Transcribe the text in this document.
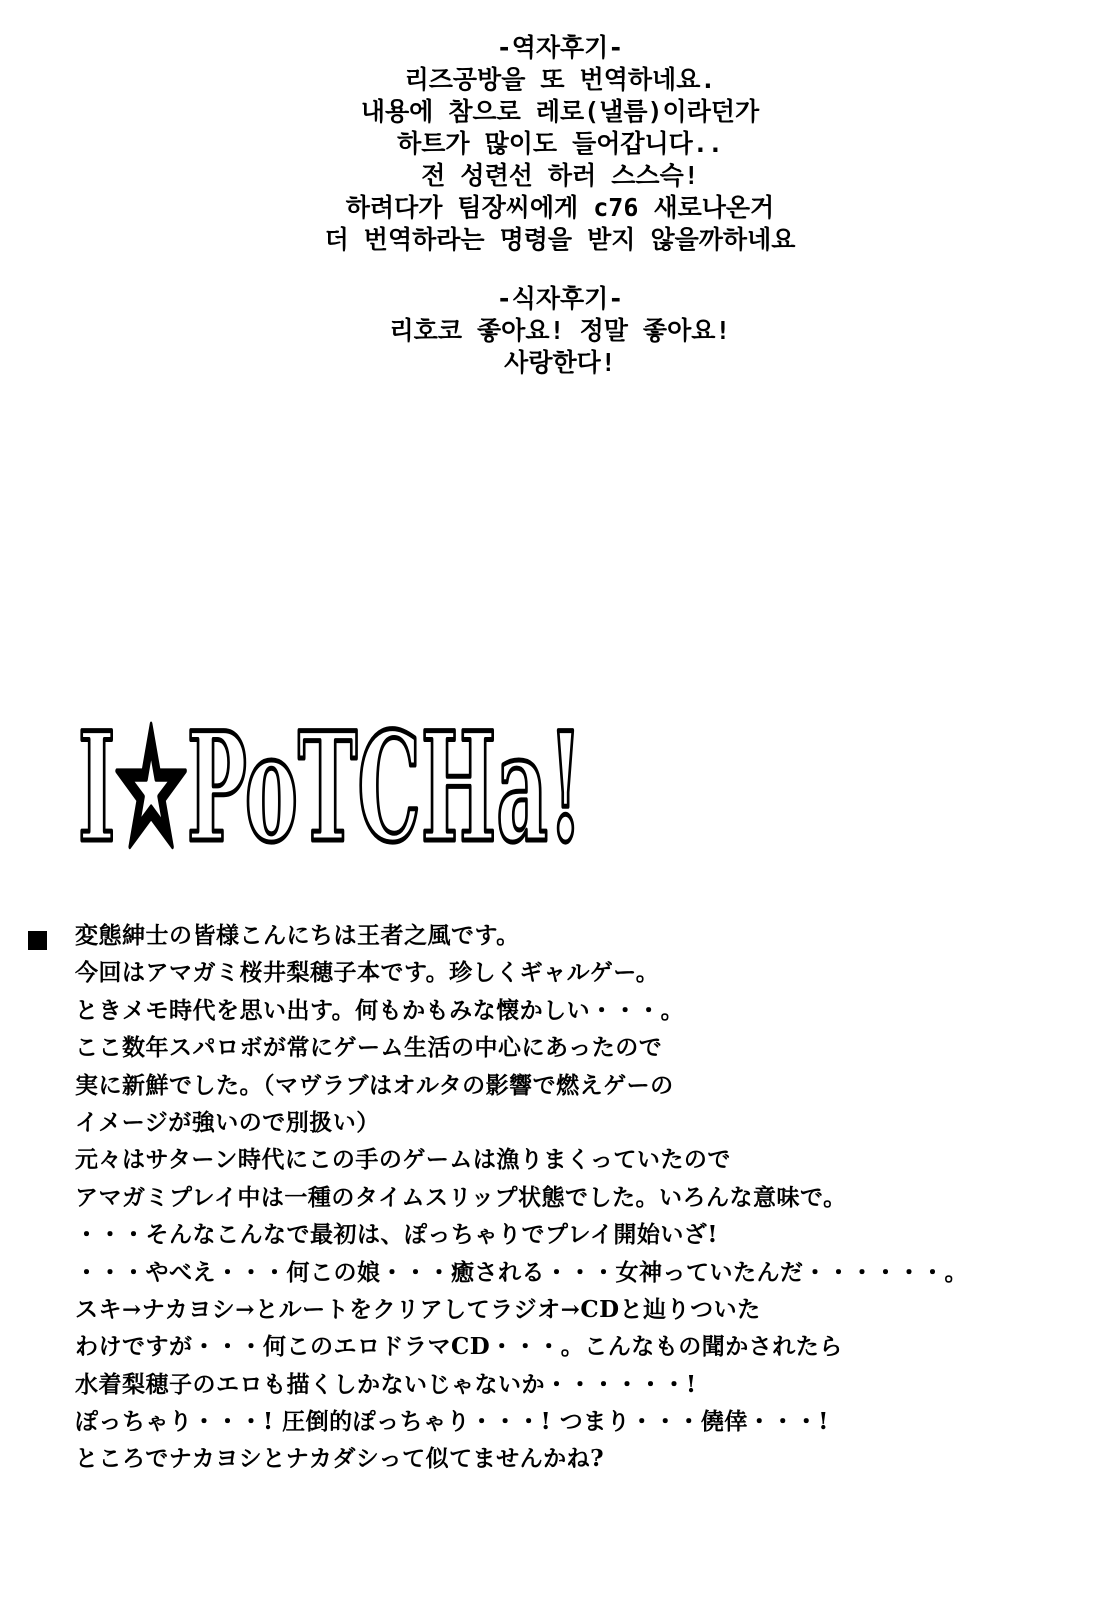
-역자후기-
리즈공방을 또 번역하네요.
내용에 참으로 레로(낼름)이라던가
하트가 많이도 들어갑니다..
전 성련선 하러 스스슥!
하려다가 팀장씨에게 c76 새로나온거
더 번역하라는 명령을 받지 않을까하네요
-식자후기-
리호코 좋아요! 정말 좋아요!
사랑한다!
I☆PoTCHa!
変態紳士の皆様こんにちは王者之風です。
今回はアマガミ桜井梨穂子本です。珍しくギャルゲー。
ときメモ時代を思い出す。何もかもみな懐かしい・・・。
ここ数年スパロボが常にゲーム生活の中心にあったので
実に新鮮でした。（マヴラブはオルタの影響で燃えゲーの
イメージが強いので別扱い）
元々はサターン時代にこの手のゲームは漁りまくっていたので
アマガミプレイ中は一種のタイムスリップ状態でした。いろんな意味で。
・・・そんなこんなで最初は、ぽっちゃりでプレイ開始いざ!
・・・やべえ・・・何この娘・・・癒される・・・女神っていたんだ・・・・・・。
スキ→ナカヨシ→とルートをクリアしてラジオ→CDと辿りついた
わけですが・・・何このエロドラマCD・・・。こんなもの聞かされたら
水着梨穂子のエロも描くしかないじゃないか・・・・・・!
ぽっちゃり・・・! 圧倒的ぽっちゃり・・・! つまり・・・僥倖・・・!
ところでナカヨシとナカダシって似てませんかね?
